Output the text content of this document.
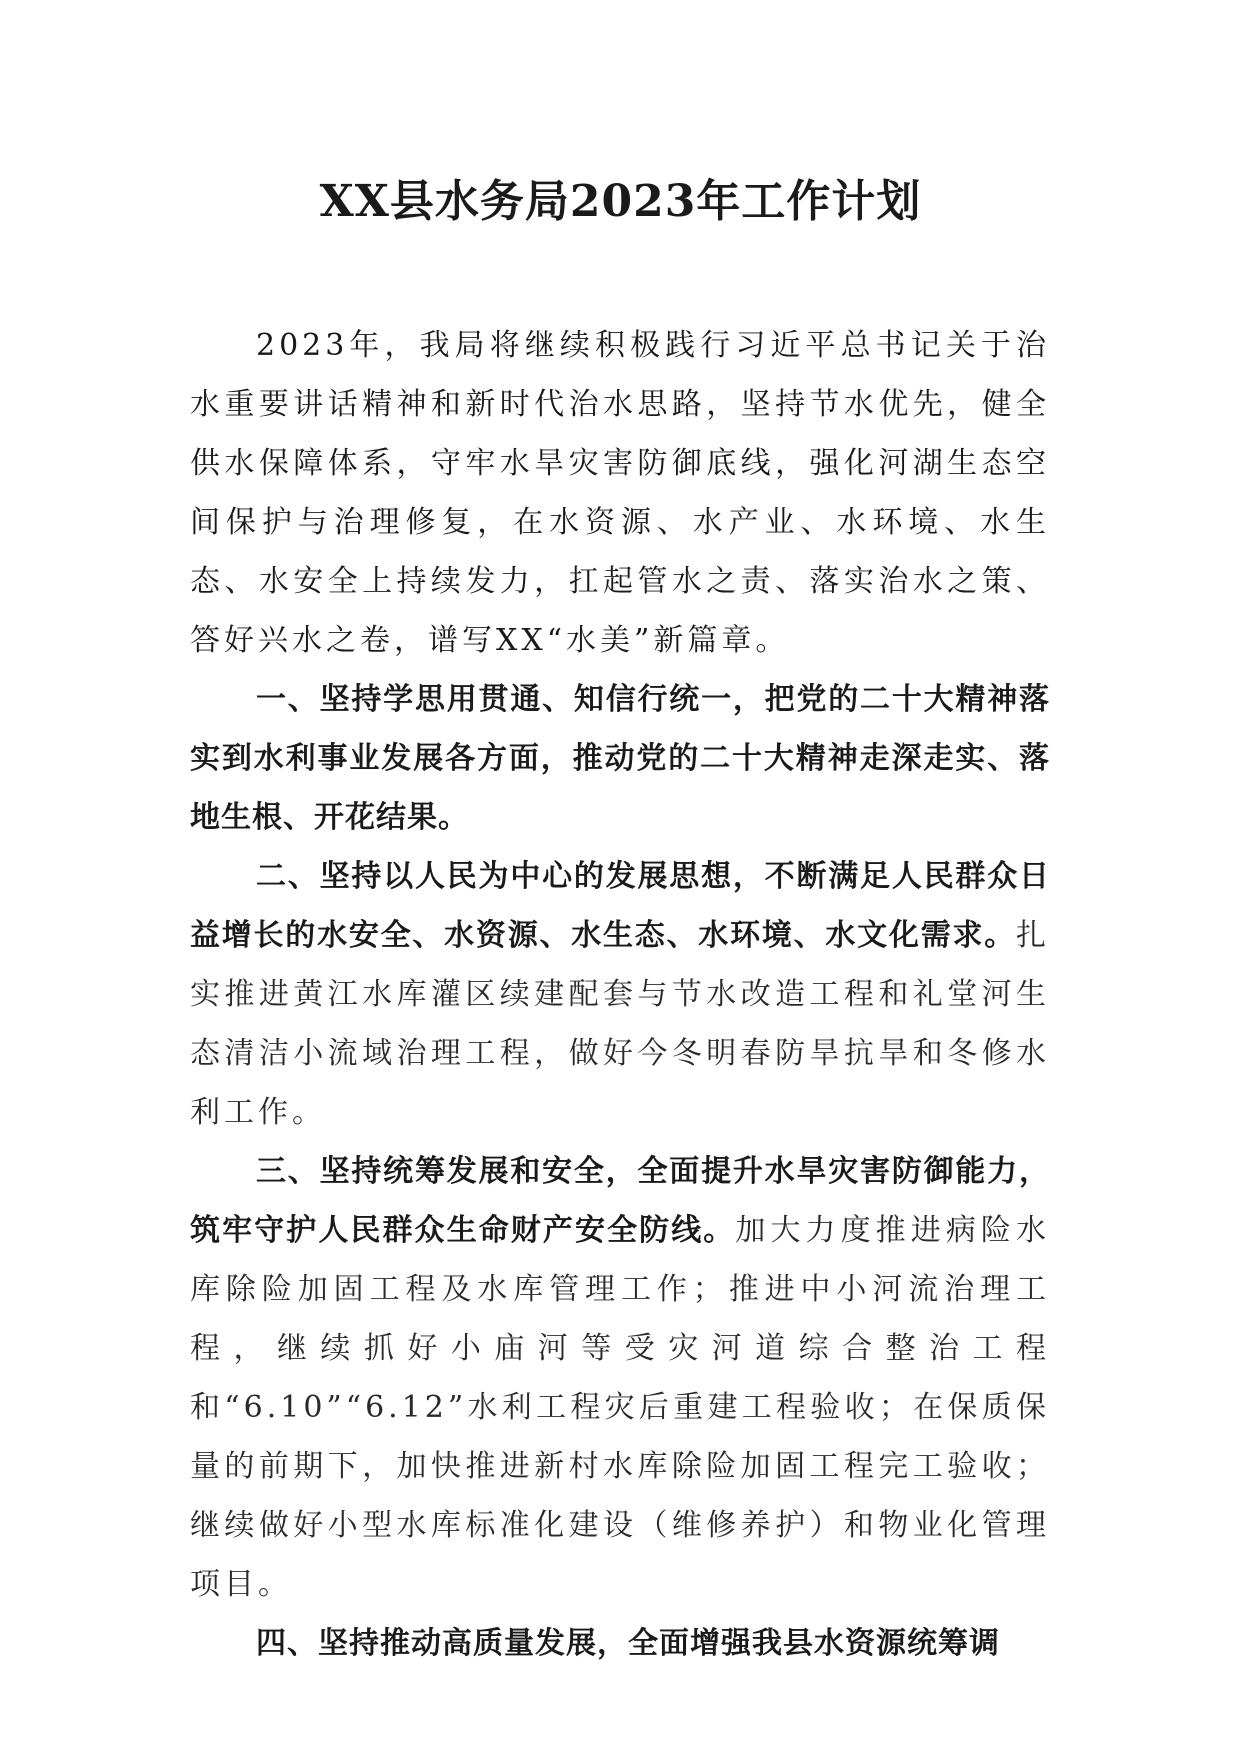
XX县水务局2023年工作计划

2023年，我局将继续积极践行习近平总书记关于治水重要讲话精神和新时代治水思路，坚持节水优先，健全供水保障体系，守牢水旱灾害防御底线，强化河湖生态空间保护与治理修复，在水资源、水产业、水环境、水生态、水安全上持续发力，扛起管水之责、落实治水之策、答好兴水之卷，谱写XX“水美”新篇章。

一、坚持学思用贯通、知信行统一，把党的二十大精神落实到水利事业发展各方面，推动党的二十大精神走深走实、落地生根、开花结果。

二、坚持以人民为中心的发展思想，不断满足人民群众日益增长的水安全、水资源、水生态、水环境、水文化需求。扎实推进黄江水库灌区续建配套与节水改造工程和礼堂河生态清洁小流域治理工程，做好今冬明春防旱抗旱和冬修水利工作。

三、坚持统筹发展和安全，全面提升水旱灾害防御能力，筑牢守护人民群众生命财产安全防线。加大力度推进病险水库除险加固工程及水库管理工作；推进中小河流治理工程，继续抓好小庙河等受灾河道综合整治工程和“6.10”“6.12”水利工程灾后重建工程验收；在保质保量的前期下，加快推进新村水库除险加固工程完工验收；继续做好小型水库标准化建设（维修养护）和物业化管理项目。

四、坚持推动高质量发展，全面增强我县水资源统筹调
